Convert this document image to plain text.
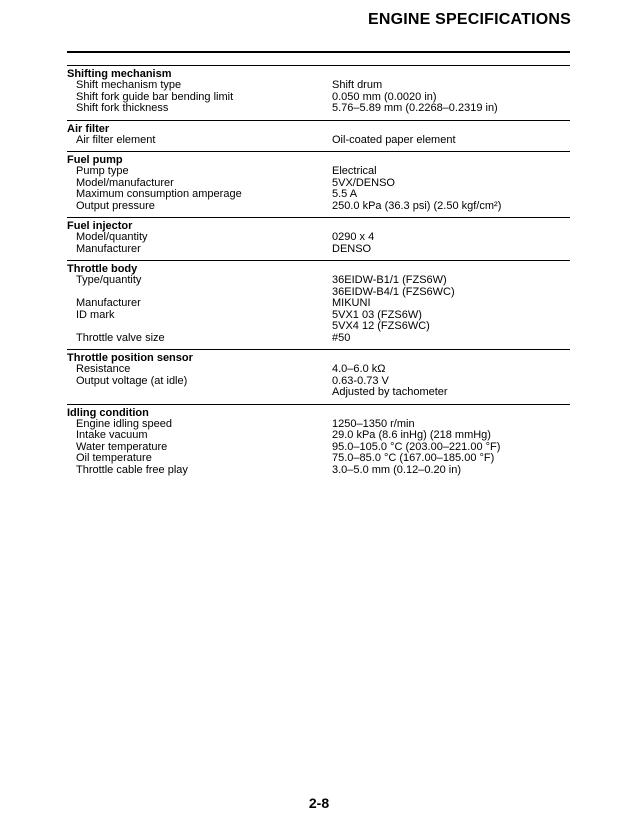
ENGINE SPECIFICATIONS
Shifting mechanism
Shift mechanism type	Shift drum
Shift fork guide bar bending limit	0.050 mm (0.0020 in)
Shift fork thickness	5.76–5.89 mm (0.2268–0.2319 in)
Air filter
Air filter element	Oil-coated paper element
Fuel pump
Pump type	Electrical
Model/manufacturer	5VX/DENSO
Maximum consumption amperage	5.5 A
Output pressure	250.0 kPa (36.3 psi) (2.50 kgf/cm²)
Fuel injector
Model/quantity	0290 x 4
Manufacturer	DENSO
Throttle body
Type/quantity	36EIDW-B1/1 (FZS6W)
36EIDW-B4/1 (FZS6WC)
Manufacturer	MIKUNI
ID mark	5VX1 03 (FZS6W)
5VX4 12 (FZS6WC)
Throttle valve size	#50
Throttle position sensor
Resistance	4.0–6.0 kΩ
Output voltage (at idle)	0.63-0.73 V
Adjusted by tachometer
Idling condition
Engine idling speed	1250–1350 r/min
Intake vacuum	29.0 kPa (8.6 inHg) (218 mmHg)
Water temperature	95.0–105.0 °C (203.00–221.00 °F)
Oil temperature	75.0–85.0 °C (167.00–185.00 °F)
Throttle cable free play	3.0–5.0 mm (0.12–0.20 in)
2-8
